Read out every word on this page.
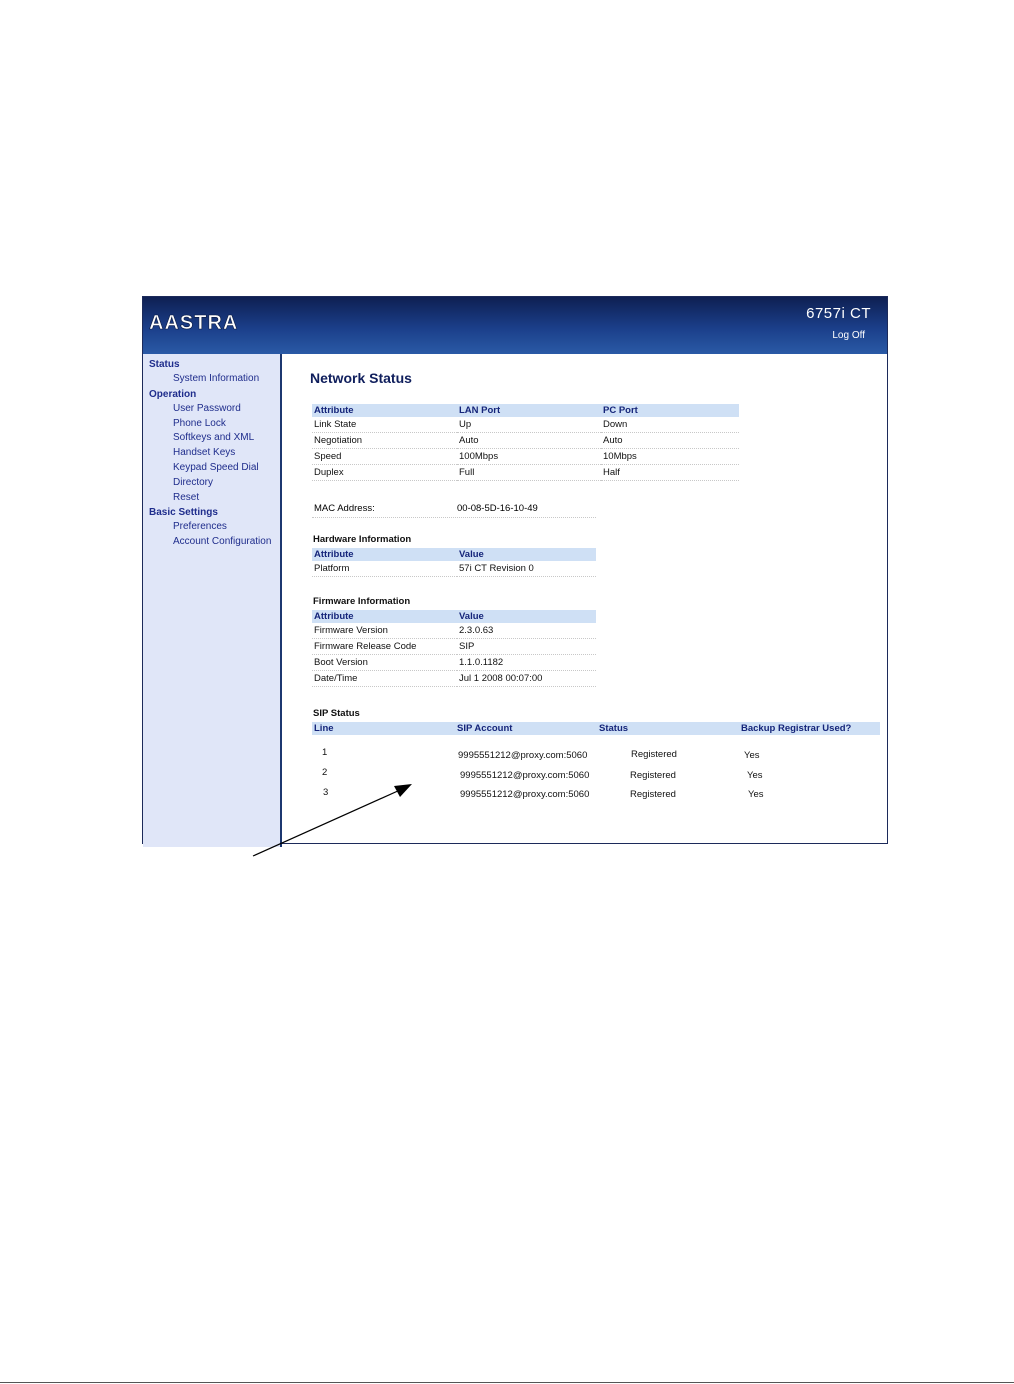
AASTRA	6757i CT
Log Off
Status
System Information
Operation
User Password
Phone Lock
Softkeys and XML
Handset Keys
Keypad Speed Dial
Directory
Reset
Basic Settings
Preferences
Account Configuration
Network Status
Attribute	LAN Port	PC Port
Link State	Up	Down
Negotiation	Auto	Auto
Speed	100Mbps	10Mbps
Duplex	Full	Half
MAC Address:	00-08-5D-16-10-49
Hardware Information
Attribute	Value
Platform	57i CT Revision 0
Firmware Information
Attribute	Value
Firmware Version	2.3.0.63
Firmware Release Code	SIP
Boot Version	1.1.0.1182
Date/Time	Jul 1 2008 00:07:00
SIP Status
Line	SIP Account	Status	Backup Registrar Used?
1	9995551212@proxy.com:5060	Registered	Yes
2	9995551212@proxy.com:5060	Registered	Yes
3	9995551212@proxy.com:5060	Registered	Yes
